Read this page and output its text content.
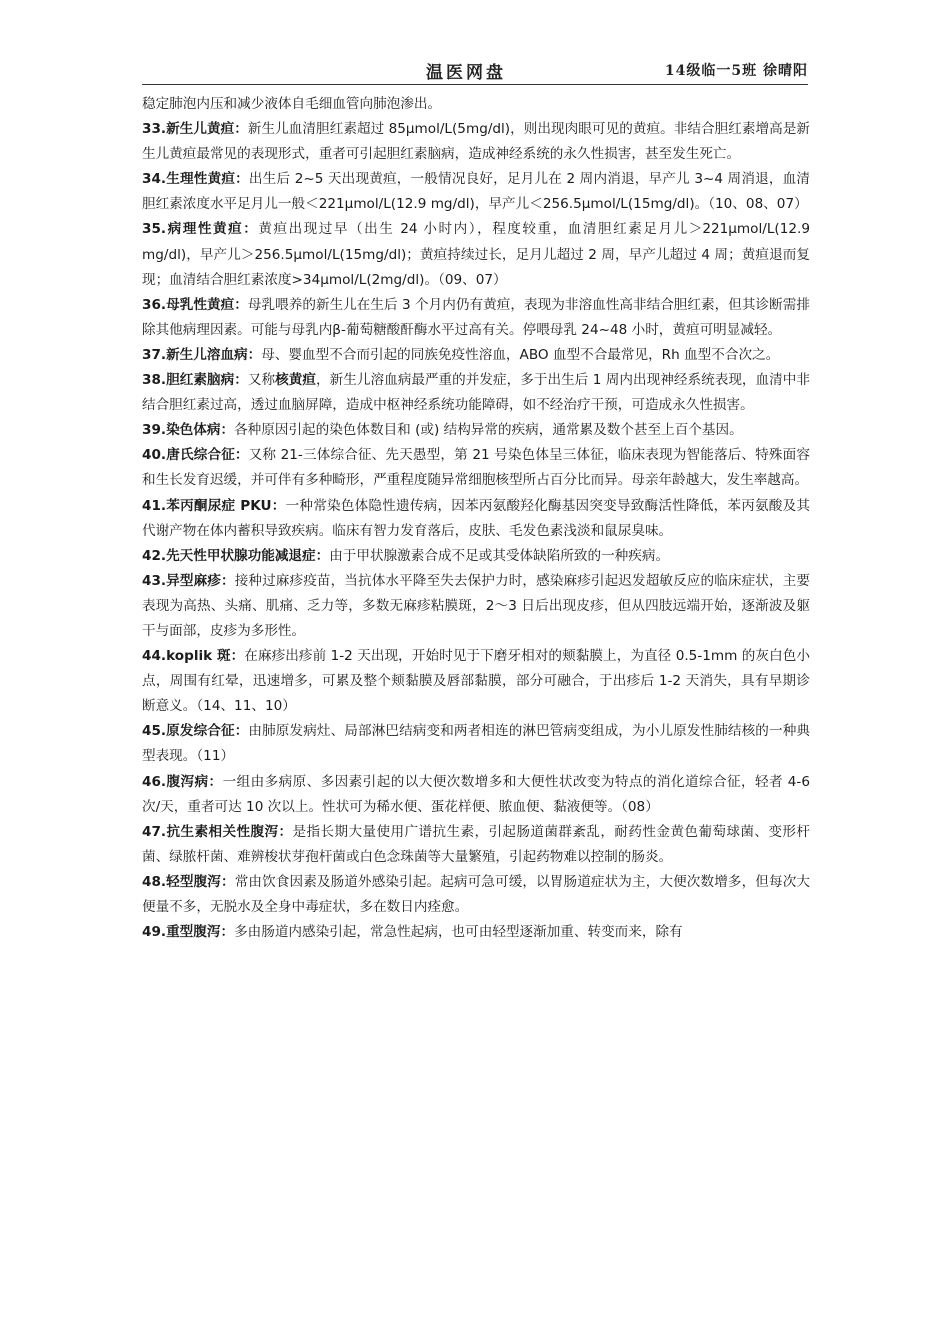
温医网盘	14级临一5班 徐晴阳

稳定肺泡内压和减少液体自毛细血管向肺泡渗出。

33.新生儿黄疸：新生儿血清胆红素超过 85μmol/L(5mg/dl)，则出现肉眼可见的黄疸。非结合胆红素增高是新生儿黄疸最常见的表现形式，重者可引起胆红素脑病，造成神经系统的永久性损害，甚至发生死亡。

34.生理性黄疸：出生后 2~5 天出现黄疸，一般情况良好，足月儿在 2 周内消退，早产儿 3~4 周消退，血清胆红素浓度水平足月儿一般＜221μmol/L(12.9 mg/dl)，早产儿＜256.5μmol/L(15mg/dl)。（10、08、07）

35.病理性黄疸：黄疸出现过早（出生 24 小时内），程度较重，血清胆红素足月儿＞221μmol/L(12.9 mg/dl)，早产儿＞256.5μmol/L(15mg/dl)；黄疸持续过长，足月儿超过 2 周，早产儿超过 4 周；黄疸退而复现；血清结合胆红素浓度>34μmol/L(2mg/dl)。（09、07）

36.母乳性黄疸：母乳喂养的新生儿在生后 3 个月内仍有黄疸，表现为非溶血性高非结合胆红素，但其诊断需排除其他病理因素。可能与母乳内β-葡萄糖酸酐酶水平过高有关。停喂母乳 24~48 小时，黄疸可明显减轻。

37.新生儿溶血病：母、婴血型不合而引起的同族免疫性溶血，ABO 血型不合最常见，Rh 血型不合次之。

38.胆红素脑病：又称核黄疸，新生儿溶血病最严重的并发症，多于出生后 1 周内出现神经系统表现，血清中非结合胆红素过高，透过血脑屏障，造成中枢神经系统功能障碍，如不经治疗干预，可造成永久性损害。

39.染色体病：各种原因引起的染色体数目和 (或) 结构异常的疾病，通常累及数个甚至上百个基因。

40.唐氏综合征：又称 21-三体综合征、先天愚型，第 21 号染色体呈三体征，临床表现为智能落后、特殊面容和生长发育迟缓，并可伴有多种畸形，严重程度随异常细胞核型所占百分比而异。母亲年龄越大，发生率越高。

41.苯丙酮尿症 PKU：一种常染色体隐性遗传病，因苯丙氨酸羟化酶基因突变导致酶活性降低，苯丙氨酸及其代谢产物在体内蓄积导致疾病。临床有智力发育落后，皮肤、毛发色素浅淡和鼠尿臭味。

42.先天性甲状腺功能减退症：由于甲状腺激素合成不足或其受体缺陷所致的一种疾病。

43.异型麻疹：接种过麻疹疫苗，当抗体水平降至失去保护力时，感染麻疹引起迟发超敏反应的临床症状，主要表现为高热、头痛、肌痛、乏力等，多数无麻疹粘膜斑，2～3 日后出现皮疹，但从四肢远端开始，逐渐波及躯干与面部，皮疹为多形性。

44.koplik 斑：在麻疹出疹前 1-2 天出现，开始时见于下磨牙相对的颊黏膜上，为直径 0.5-1mm 的灰白色小点，周围有红晕，迅速增多，可累及整个颊黏膜及唇部黏膜，部分可融合，于出疹后 1-2 天消失，具有早期诊断意义。（14、11、10）

45.原发综合征：由肺原发病灶、局部淋巴结病变和两者相连的淋巴管病变组成，为小儿原发性肺结核的一种典型表现。（11）

46.腹泻病：一组由多病原、多因素引起的以大便次数增多和大便性状改变为特点的消化道综合征，轻者 4-6 次/天，重者可达 10 次以上。性状可为稀水便、蛋花样便、脓血便、黏液便等。（08）

47.抗生素相关性腹泻：是指长期大量使用广谱抗生素，引起肠道菌群紊乱，耐药性金黄色葡萄球菌、变形杆菌、绿脓杆菌、难辨梭状芽孢杆菌或白色念珠菌等大量繁殖，引起药物难以控制的肠炎。

48.轻型腹泻：常由饮食因素及肠道外感染引起。起病可急可缓，以胃肠道症状为主，大便次数增多，但每次大便量不多，无脱水及全身中毒症状，多在数日内痊愈。

49.重型腹泻：多由肠道内感染引起，常急性起病，也可由轻型逐渐加重、转变而来，除有
